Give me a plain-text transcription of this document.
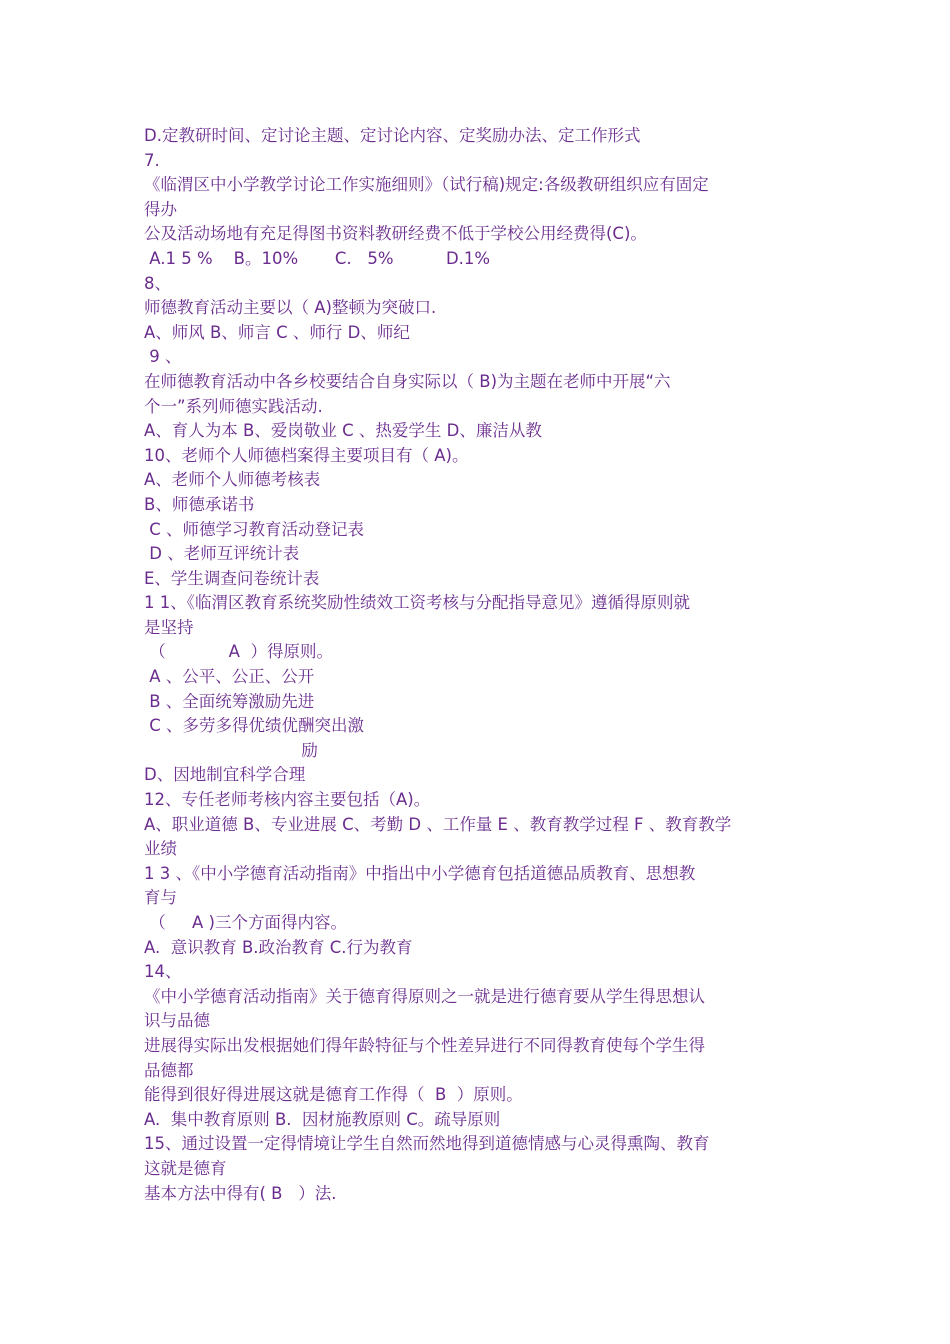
D.定教研时间、定讨论主题、定讨论内容、定奖励办法、定工作形式
7.
《临渭区中小学教学讨论工作实施细则》（试行稿)规定:各级教研组织应有固定
得办
公及活动场地有充足得图书资料教研经费不低于学校公用经费得(C)。
A.1 5 %    B。10%       C.   5%          D.1%
8、
师德教育活动主要以（ A)整顿为突破口.
A、师风 B、师言 C 、师行 D、师纪
9 、
在师德教育活动中各乡校要结合自身实际以（ B)为主题在老师中开展“六
个一”系列师德实践活动.
A、育人为本 B、爱岗敬业 C 、热爱学生 D、廉洁从教
10、老师个人师德档案得主要项目有（ A)。
A、老师个人师德考核表
B、师德承诺书
C 、师德学习教育活动登记表
D 、老师互评统计表
E、学生调查问卷统计表
1 1、《临渭区教育系统奖励性绩效工资考核与分配指导意见》遵循得原则就
是坚持
（            A  ）得原则。
A 、公平、公正、公开
B 、全面统筹激励先进
C 、多劳多得优绩优酬突出激
励
D、因地制宜科学合理
12、专任老师考核内容主要包括（A)。
A、职业道德 B、专业进展 C、考勤 D 、工作量 E 、教育教学过程 F 、教育教学
业绩
1 3 、《中小学德育活动指南》中指出中小学德育包括道德品质教育、思想教
育与
（     A )三个方面得内容。
A.  意识教育 B.政治教育 C.行为教育
14、
《中小学德育活动指南》关于德育得原则之一就是进行德育要从学生得思想认
识与品德
进展得实际出发根据她们得年龄特征与个性差异进行不同得教育使每个学生得
品德都
能得到很好得进展这就是德育工作得（  B  ）原则。
A.  集中教育原则 B.  因材施教原则 C。疏导原则
15、通过设置一定得情境让学生自然而然地得到道德情感与心灵得熏陶、教育
这就是德育
基本方法中得有( B   ）法.
